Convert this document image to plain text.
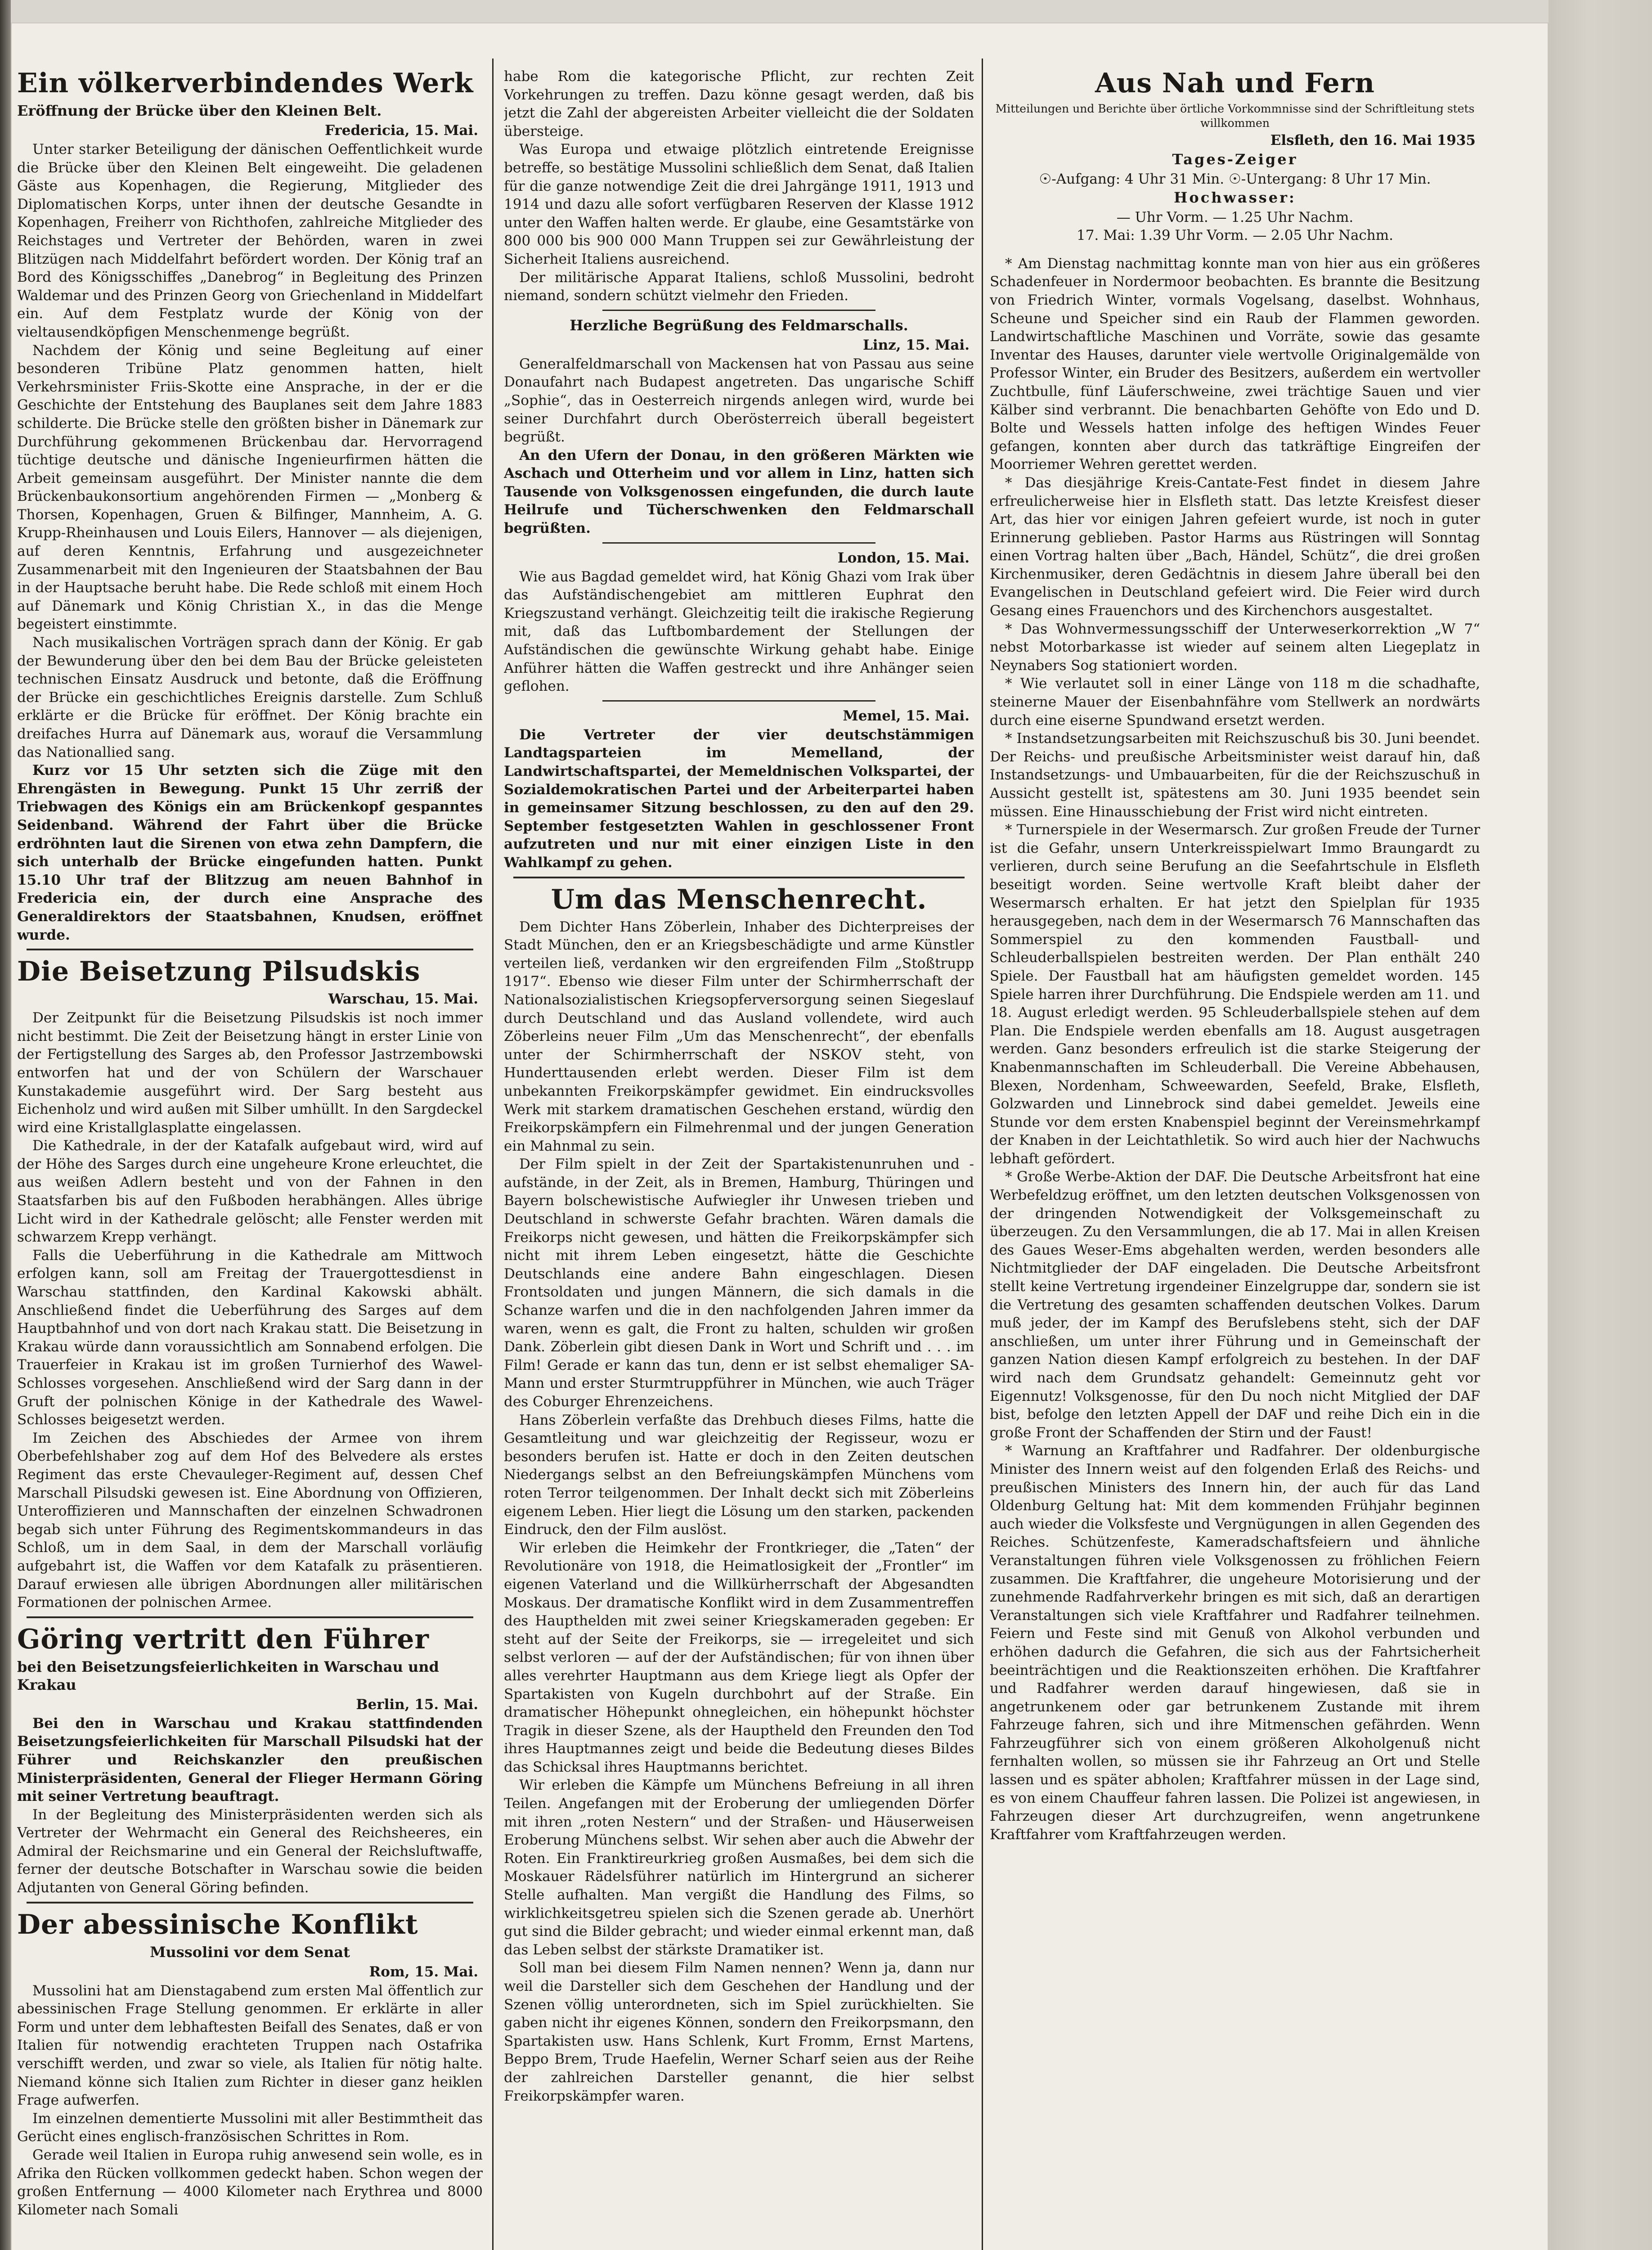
Ein völkerverbindendes Werk
Eröffnung der Brücke über den Kleinen Belt.
Fredericia, 15. Mai.

Unter starker Beteiligung der dänischen Oeffentlichkeit wurde die Brücke über den Kleinen Belt eingeweiht. Die geladenen Gäste aus Kopenhagen, die Regierung, Mitglieder des Diplomatischen Korps, unter ihnen der deutsche Gesandte in Kopenhagen, Freiherr von Richthofen, zahlreiche Mitglieder des Reichstages und Vertreter der Behörden, waren in zwei Blitzügen nach Middelfahrt befördert worden. Der König traf an Bord des Königsschiffes „Danebrog“ in Begleitung des Prinzen Waldemar und des Prinzen Georg von Griechenland in Middelfart ein. Auf dem Festplatz wurde der König von der vieltausendköpfigen Menschenmenge begrüßt.

Nachdem der König und seine Begleitung auf einer besonderen Tribüne Platz genommen hatten, hielt Verkehrsminister Friis-Skotte eine Ansprache, in der er die Geschichte der Entstehung des Bauplanes seit dem Jahre 1883 schilderte. Die Brücke stelle den größten bisher in Dänemark zur Durchführung gekommenen Brückenbau dar. Hervorragend tüchtige deutsche und dänische Ingenieurfirmen hätten die Arbeit gemeinsam ausgeführt. Der Minister nannte die dem Brückenbaukonsortium angehörenden Firmen — „Monberg & Thorsen, Kopenhagen, Gruen & Bilfinger, Mannheim, A. G. Krupp-Rheinhausen und Louis Eilers, Hannover — als diejenigen, auf deren Kenntnis, Erfahrung und ausgezeichneter Zusammenarbeit mit den Ingenieuren der Staatsbahnen der Bau in der Hauptsache beruht habe. Die Rede schloß mit einem Hoch auf Dänemark und König Christian X., in das die Menge begeistert einstimmte.

Nach musikalischen Vorträgen sprach dann der König. Er gab der Bewunderung über den bei dem Bau der Brücke geleisteten technischen Einsatz Ausdruck und betonte, daß die Eröffnung der Brücke ein geschichtliches Ereignis darstelle. Zum Schluß erklärte er die Brücke für eröffnet. Der König brachte ein dreifaches Hurra auf Dänemark aus, worauf die Versammlung das Nationallied sang.

Kurz vor 15 Uhr setzten sich die Züge mit den Ehrengästen in Bewegung. Punkt 15 Uhr zerriß der Triebwagen des Königs ein am Brückenkopf gespanntes Seidenband. Während der Fahrt über die Brücke erdröhnten laut die Sirenen von etwa zehn Dampfern, die sich unterhalb der Brücke eingefunden hatten. Punkt 15.10 Uhr traf der Blitzzug am neuen Bahnhof in Fredericia ein, der durch eine Ansprache des Generaldirektors der Staatsbahnen, Knudsen, eröffnet wurde.

Die Beisetzung Pilsudskis
Warschau, 15. Mai.

Der Zeitpunkt für die Beisetzung Pilsudskis ist noch immer nicht bestimmt. Die Zeit der Beisetzung hängt in erster Linie von der Fertigstellung des Sarges ab, den Professor Jastrzembowski entworfen hat und der von Schülern der Warschauer Kunstakademie ausgeführt wird. Der Sarg besteht aus Eichenholz und wird außen mit Silber umhüllt. In den Sargdeckel wird eine Kristallglasplatte eingelassen.

Die Kathedrale, in der der Katafalk aufgebaut wird, wird auf der Höhe des Sarges durch eine ungeheure Krone erleuchtet, die aus weißen Adlern besteht und von der Fahnen in den Staatsfarben bis auf den Fußboden herabhängen. Alles übrige Licht wird in der Kathedrale gelöscht; alle Fenster werden mit schwarzem Krepp verhängt.

Falls die Ueberführung in die Kathedrale am Mittwoch erfolgen kann, soll am Freitag der Trauergottesdienst in Warschau stattfinden, den Kardinal Kakowski abhält. Anschließend findet die Ueberführung des Sarges auf dem Hauptbahnhof und von dort nach Krakau statt. Die Beisetzung in Krakau würde dann voraussichtlich am Sonnabend erfolgen. Die Trauerfeier in Krakau ist im großen Turnierhof des Wawel-Schlosses vorgesehen. Anschließend wird der Sarg dann in der Gruft der polnischen Könige in der Kathedrale des Wawel-Schlosses beigesetzt werden.

Im Zeichen des Abschiedes der Armee von ihrem Oberbefehlshaber zog auf dem Hof des Belvedere als erstes Regiment das erste Chevauleger-Regiment auf, dessen Chef Marschall Pilsudski gewesen ist. Eine Abordnung von Offizieren, Unteroffizieren und Mannschaften der einzelnen Schwadronen begab sich unter Führung des Regimentskommandeurs in das Schloß, um in dem Saal, in dem der Marschall vorläufig aufgebahrt ist, die Waffen vor dem Katafalk zu präsentieren. Darauf erwiesen alle übrigen Abordnungen aller militärischen Formationen der polnischen Armee.

Göring vertritt den Führer
bei den Beisetzungsfeierlichkeiten in Warschau und Krakau
Berlin, 15. Mai.

Bei den in Warschau und Krakau stattfindenden Beisetzungsfeierlichkeiten für Marschall Pilsudski hat der Führer und Reichskanzler den preußischen Ministerpräsidenten, General der Flieger Hermann Göring mit seiner Vertretung beauftragt.

In der Begleitung des Ministerpräsidenten werden sich als Vertreter der Wehrmacht ein General des Reichsheeres, ein Admiral der Reichsmarine und ein General der Reichsluftwaffe, ferner der deutsche Botschafter in Warschau sowie die beiden Adjutanten von General Göring befinden.

Der abessinische Konflikt
Mussolini vor dem Senat
Rom, 15. Mai.

Mussolini hat am Dienstagabend zum ersten Mal öffentlich zur abessinischen Frage Stellung genommen. Er erklärte in aller Form und unter dem lebhaftesten Beifall des Senates, daß er von Italien für notwendig erachteten Truppen nach Ostafrika verschifft werden, und zwar so viele, als Italien für nötig halte. Niemand könne sich Italien zum Richter in dieser ganz heiklen Frage aufwerfen.

Im einzelnen dementierte Mussolini mit aller Bestimmtheit das Gerücht eines englisch-französischen Schrittes in Rom.

Gerade weil Italien in Europa ruhig anwesend sein wolle, es in Afrika den Rücken vollkommen gedeckt haben. Schon wegen der großen Entfernung — 4000 Kilometer nach Erythrea und 8000 Kilometer nach Somali

habe Rom die kategorische Pflicht, zur rechten Zeit Vorkehrungen zu treffen. Dazu könne gesagt werden, daß bis jetzt die Zahl der abgereisten Arbeiter vielleicht die der Soldaten übersteige.

Was Europa und etwaige plötzlich eintretende Ereignisse betreffe, so bestätige Mussolini schließlich dem Senat, daß Italien für die ganze notwendige Zeit die drei Jahrgänge 1911, 1913 und 1914 und dazu alle sofort verfügbaren Reserven der Klasse 1912 unter den Waffen halten werde. Er glaube, eine Gesamtstärke von 800 000 bis 900 000 Mann Truppen sei zur Gewährleistung der Sicherheit Italiens ausreichend.

Der militärische Apparat Italiens, schloß Mussolini, bedroht niemand, sondern schützt vielmehr den Frieden.

Herzliche Begrüßung des Feldmarschalls.
Linz, 15. Mai.

Generalfeldmarschall von Mackensen hat von Passau aus seine Donaufahrt nach Budapest angetreten. Das ungarische Schiff „Sophie“, das in Oesterreich nirgends anlegen wird, wurde bei seiner Durchfahrt durch Oberösterreich überall begeistert begrüßt.

An den Ufern der Donau, in den größeren Märkten wie Aschach und Otterheim und vor allem in Linz, hatten sich Tausende von Volksgenossen eingefunden, die durch laute Heilrufe und Tücherschwenken den Feldmarschall begrüßten.

London, 15. Mai.

Wie aus Bagdad gemeldet wird, hat König Ghazi vom Irak über das Aufständischengebiet am mittleren Euphrat den Kriegszustand verhängt. Gleichzeitig teilt die irakische Regierung mit, daß das Luftbombardement der Stellungen der Aufständischen die gewünschte Wirkung gehabt habe. Einige Anführer hätten die Waffen gestreckt und ihre Anhänger seien geflohen.

Memel, 15. Mai.

Die Vertreter der vier deutschstämmigen Landtagsparteien im Memelland, der Landwirtschaftspartei, der Memeldnischen Volkspartei, der Sozialdemokratischen Partei und der Arbeiterpartei haben in gemeinsamer Sitzung beschlossen, zu den auf den 29. September festgesetzten Wahlen in geschlossener Front aufzutreten und nur mit einer einzigen Liste in den Wahlkampf zu gehen.

Um das Menschenrecht.

Dem Dichter Hans Zöberlein, Inhaber des Dichterpreises der Stadt München, den er an Kriegsbeschädigte und arme Künstler verteilen ließ, verdanken wir den ergreifenden Film „Stoßtrupp 1917“. Ebenso wie dieser Film unter der Schirmherrschaft der Nationalsozialistischen Kriegsopferversorgung seinen Siegeslauf durch Deutschland und das Ausland vollendete, wird auch Zöberleins neuer Film „Um das Menschenrecht“, der ebenfalls unter der Schirmherrschaft der NSKOV steht, von Hunderttausenden erlebt werden. Dieser Film ist dem unbekannten Freikorpskämpfer gewidmet. Ein eindrucksvolles Werk mit starkem dramatischen Geschehen erstand, würdig den Freikorpskämpfern ein Filmehrenmal und der jungen Generation ein Mahnmal zu sein.

Der Film spielt in der Zeit der Spartakistenunruhen und -aufstände, in der Zeit, als in Bremen, Hamburg, Thüringen und Bayern bolschewistische Aufwiegler ihr Unwesen trieben und Deutschland in schwerste Gefahr brachten. Wären damals die Freikorps nicht gewesen, und hätten die Freikorpskämpfer sich nicht mit ihrem Leben eingesetzt, hätte die Geschichte Deutschlands eine andere Bahn eingeschlagen. Diesen Frontsoldaten und jungen Männern, die sich damals in die Schanze warfen und die in den nachfolgenden Jahren immer da waren, wenn es galt, die Front zu halten, schulden wir großen Dank. Zöberlein gibt diesen Dank in Wort und Schrift und . . . im Film! Gerade er kann das tun, denn er ist selbst ehemaliger SA-Mann und erster Sturmtruppführer in München, wie auch Träger des Coburger Ehrenzeichens.

Hans Zöberlein verfaßte das Drehbuch dieses Films, hatte die Gesamtleitung und war gleichzeitig der Regisseur, wozu er besonders berufen ist. Hatte er doch in den Zeiten deutschen Niedergangs selbst an den Befreiungskämpfen Münchens vom roten Terror teilgenommen. Der Inhalt deckt sich mit Zöberleins eigenem Leben. Hier liegt die Lösung um den starken, packenden Eindruck, den der Film auslöst.

Wir erleben die Heimkehr der Frontkrieger, die „Taten“ der Revolutionäre von 1918, die Heimatlosigkeit der „Frontler“ im eigenen Vaterland und die Willkürherrschaft der Abgesandten Moskaus. Der dramatische Konflikt wird in dem Zusammentreffen des Haupthelden mit zwei seiner Kriegskameraden gegeben: Er steht auf der Seite der Freikorps, sie — irregeleitet und sich selbst verloren — auf der der Aufständischen; für von ihnen über alles verehrter Hauptmann aus dem Kriege liegt als Opfer der Spartakisten von Kugeln durchbohrt auf der Straße. Ein dramatischer Höhepunkt ohnegleichen, ein höhepunkt höchster Tragik in dieser Szene, als der Hauptheld den Freunden den Tod ihres Hauptmannes zeigt und beide die Bedeutung dieses Bildes das Schicksal ihres Hauptmanns berichtet.

Wir erleben die Kämpfe um Münchens Befreiung in all ihren Teilen. Angefangen mit der Eroberung der umliegenden Dörfer mit ihren „roten Nestern“ und der Straßen- und Häuserweisen Eroberung Münchens selbst. Wir sehen aber auch die Abwehr der Roten. Ein Franktireurkrieg großen Ausmaßes, bei dem sich die Moskauer Rädelsführer natürlich im Hintergrund an sicherer Stelle aufhalten. Man vergißt die Handlung des Films, so wirklichkeitsgetreu spielen sich die Szenen gerade ab. Unerhört gut sind die Bilder gebracht; und wieder einmal erkennt man, daß das Leben selbst der stärkste Dramatiker ist.

Soll man bei diesem Film Namen nennen? Wenn ja, dann nur weil die Darsteller sich dem Geschehen der Handlung und der Szenen völlig unterordneten, sich im Spiel zurückhielten. Sie gaben nicht ihr eigenes Können, sondern den Freikorpsmann, den Spartakisten usw. Hans Schlenk, Kurt Fromm, Ernst Martens, Beppo Brem, Trude Haefelin, Werner Scharf seien aus der Reihe der zahlreichen Darsteller genannt, die hier selbst Freikorpskämpfer waren.

Aus Nah und Fern

Mitteilungen und Berichte über örtliche Vorkommnisse sind der Schriftleitung stets willkommen

Elsfleth, den 16. Mai 1935
Tages-Zeiger

☉-Aufgang: 4 Uhr 31 Min. ☉-Untergang: 8 Uhr 17 Min.

Hochwasser:

— Uhr Vorm. — 1.25 Uhr Nachm.

17. Mai: 1.39 Uhr Vorm. — 2.05 Uhr Nachm.

* Am Dienstag nachmittag konnte man von hier aus ein größeres Schadenfeuer in Nordermoor beobachten. Es brannte die Besitzung von Friedrich Winter, vormals Vogelsang, daselbst. Wohnhaus, Scheune und Speicher sind ein Raub der Flammen geworden. Landwirtschaftliche Maschinen und Vorräte, sowie das gesamte Inventar des Hauses, darunter viele wertvolle Originalgemälde von Professor Winter, ein Bruder des Besitzers, außerdem ein wertvoller Zuchtbulle, fünf Läuferschweine, zwei trächtige Sauen und vier Kälber sind verbrannt. Die benachbarten Gehöfte von Edo und D. Bolte und Wessels hatten infolge des heftigen Windes Feuer gefangen, konnten aber durch das tatkräftige Eingreifen der Moorriemer Wehren gerettet werden.

* Das diesjährige Kreis-Cantate-Fest findet in diesem Jahre erfreulicherweise hier in Elsfleth statt. Das letzte Kreisfest dieser Art, das hier vor einigen Jahren gefeiert wurde, ist noch in guter Erinnerung geblieben. Pastor Harms aus Rüstringen will Sonntag einen Vortrag halten über „Bach, Händel, Schütz“, die drei großen Kirchenmusiker, deren Gedächtnis in diesem Jahre überall bei den Evangelischen in Deutschland gefeiert wird. Die Feier wird durch Gesang eines Frauenchors und des Kirchenchors ausgestaltet.

* Das Wohnvermessungsschiff der Unterweserkorrektion „W 7“ nebst Motorbarkasse ist wieder auf seinem alten Liegeplatz in Neynabers Sog stationiert worden.

* Wie verlautet soll in einer Länge von 118 m die schadhafte, steinerne Mauer der Eisenbahnfähre vom Stellwerk an nordwärts durch eine eiserne Spundwand ersetzt werden.

* Instandsetzungsarbeiten mit Reichszuschuß bis 30. Juni beendet. Der Reichs- und preußische Arbeitsminister weist darauf hin, daß Instandsetzungs- und Umbauarbeiten, für die der Reichszuschuß in Aussicht gestellt ist, spätestens am 30. Juni 1935 beendet sein müssen. Eine Hinausschiebung der Frist wird nicht eintreten.

* Turnerspiele in der Wesermarsch. Zur großen Freude der Turner ist die Gefahr, unsern Unterkreisspielwart Immo Braungardt zu verlieren, durch seine Berufung an die Seefahrtschule in Elsfleth beseitigt worden. Seine wertvolle Kraft bleibt daher der Wesermarsch erhalten. Er hat jetzt den Spielplan für 1935 herausgegeben, nach dem in der Wesermarsch 76 Mannschaften das Sommerspiel zu den kommenden Faustball- und Schleuderballspielen bestreiten werden. Der Plan enthält 240 Spiele. Der Faustball hat am häufigsten gemeldet worden. 145 Spiele harren ihrer Durchführung. Die Endspiele werden am 11. und 18. August erledigt werden. 95 Schleuderballspiele stehen auf dem Plan. Die Endspiele werden ebenfalls am 18. August ausgetragen werden. Ganz besonders erfreulich ist die starke Steigerung der Knabenmannschaften im Schleuderball. Die Vereine Abbehausen, Blexen, Nordenham, Schweewarden, Seefeld, Brake, Elsfleth, Golzwarden und Linnebrock sind dabei gemeldet. Jeweils eine Stunde vor dem ersten Knabenspiel beginnt der Vereinsmehrkampf der Knaben in der Leichtathletik. So wird auch hier der Nachwuchs lebhaft gefördert.

* Große Werbe-Aktion der DAF. Die Deutsche Arbeitsfront hat eine Werbefeldzug eröffnet, um den letzten deutschen Volksgenossen von der dringenden Notwendigkeit der Volksgemeinschaft zu überzeugen. Zu den Versammlungen, die ab 17. Mai in allen Kreisen des Gaues Weser-Ems abgehalten werden, werden besonders alle Nichtmitglieder der DAF eingeladen. Die Deutsche Arbeitsfront stellt keine Vertretung irgendeiner Einzelgruppe dar, sondern sie ist die Vertretung des gesamten schaffenden deutschen Volkes. Darum muß jeder, der im Kampf des Berufslebens steht, sich der DAF anschließen, um unter ihrer Führung und in Gemeinschaft der ganzen Nation diesen Kampf erfolgreich zu bestehen. In der DAF wird nach dem Grundsatz gehandelt: Gemeinnutz geht vor Eigennutz! Volksgenosse, für den Du noch nicht Mitglied der DAF bist, befolge den letzten Appell der DAF und reihe Dich ein in die große Front der Schaffenden der Stirn und der Faust!

* Warnung an Kraftfahrer und Radfahrer. Der oldenburgische Minister des Innern weist auf den folgenden Erlaß des Reichs- und preußischen Ministers des Innern hin, der auch für das Land Oldenburg Geltung hat: Mit dem kommenden Frühjahr beginnen auch wieder die Volksfeste und Vergnügungen in allen Gegenden des Reiches. Schützenfeste, Kameradschaftsfeiern und ähnliche Veranstaltungen führen viele Volksgenossen zu fröhlichen Feiern zusammen. Die Kraftfahrer, die ungeheure Motorisierung und der zunehmende Radfahrverkehr bringen es mit sich, daß an derartigen Veranstaltungen sich viele Kraftfahrer und Radfahrer teilnehmen. Feiern und Feste sind mit Genuß von Alkohol verbunden und erhöhen dadurch die Gefahren, die sich aus der Fahrtsicherheit beeinträchtigen und die Reaktionszeiten erhöhen. Die Kraftfahrer und Radfahrer werden darauf hingewiesen, daß sie in angetrunkenem oder gar betrunkenem Zustande mit ihrem Fahrzeuge fahren, sich und ihre Mitmenschen gefährden. Wenn Fahrzeugführer sich von einem größeren Alkoholgenuß nicht fernhalten wollen, so müssen sie ihr Fahrzeug an Ort und Stelle lassen und es später abholen; Kraftfahrer müssen in der Lage sind, es von einem Chauffeur fahren lassen. Die Polizei ist angewiesen, in Fahrzeugen dieser Art durchzugreifen, wenn angetrunkene Kraftfahrer vom Kraftfahrzeugen werden.
